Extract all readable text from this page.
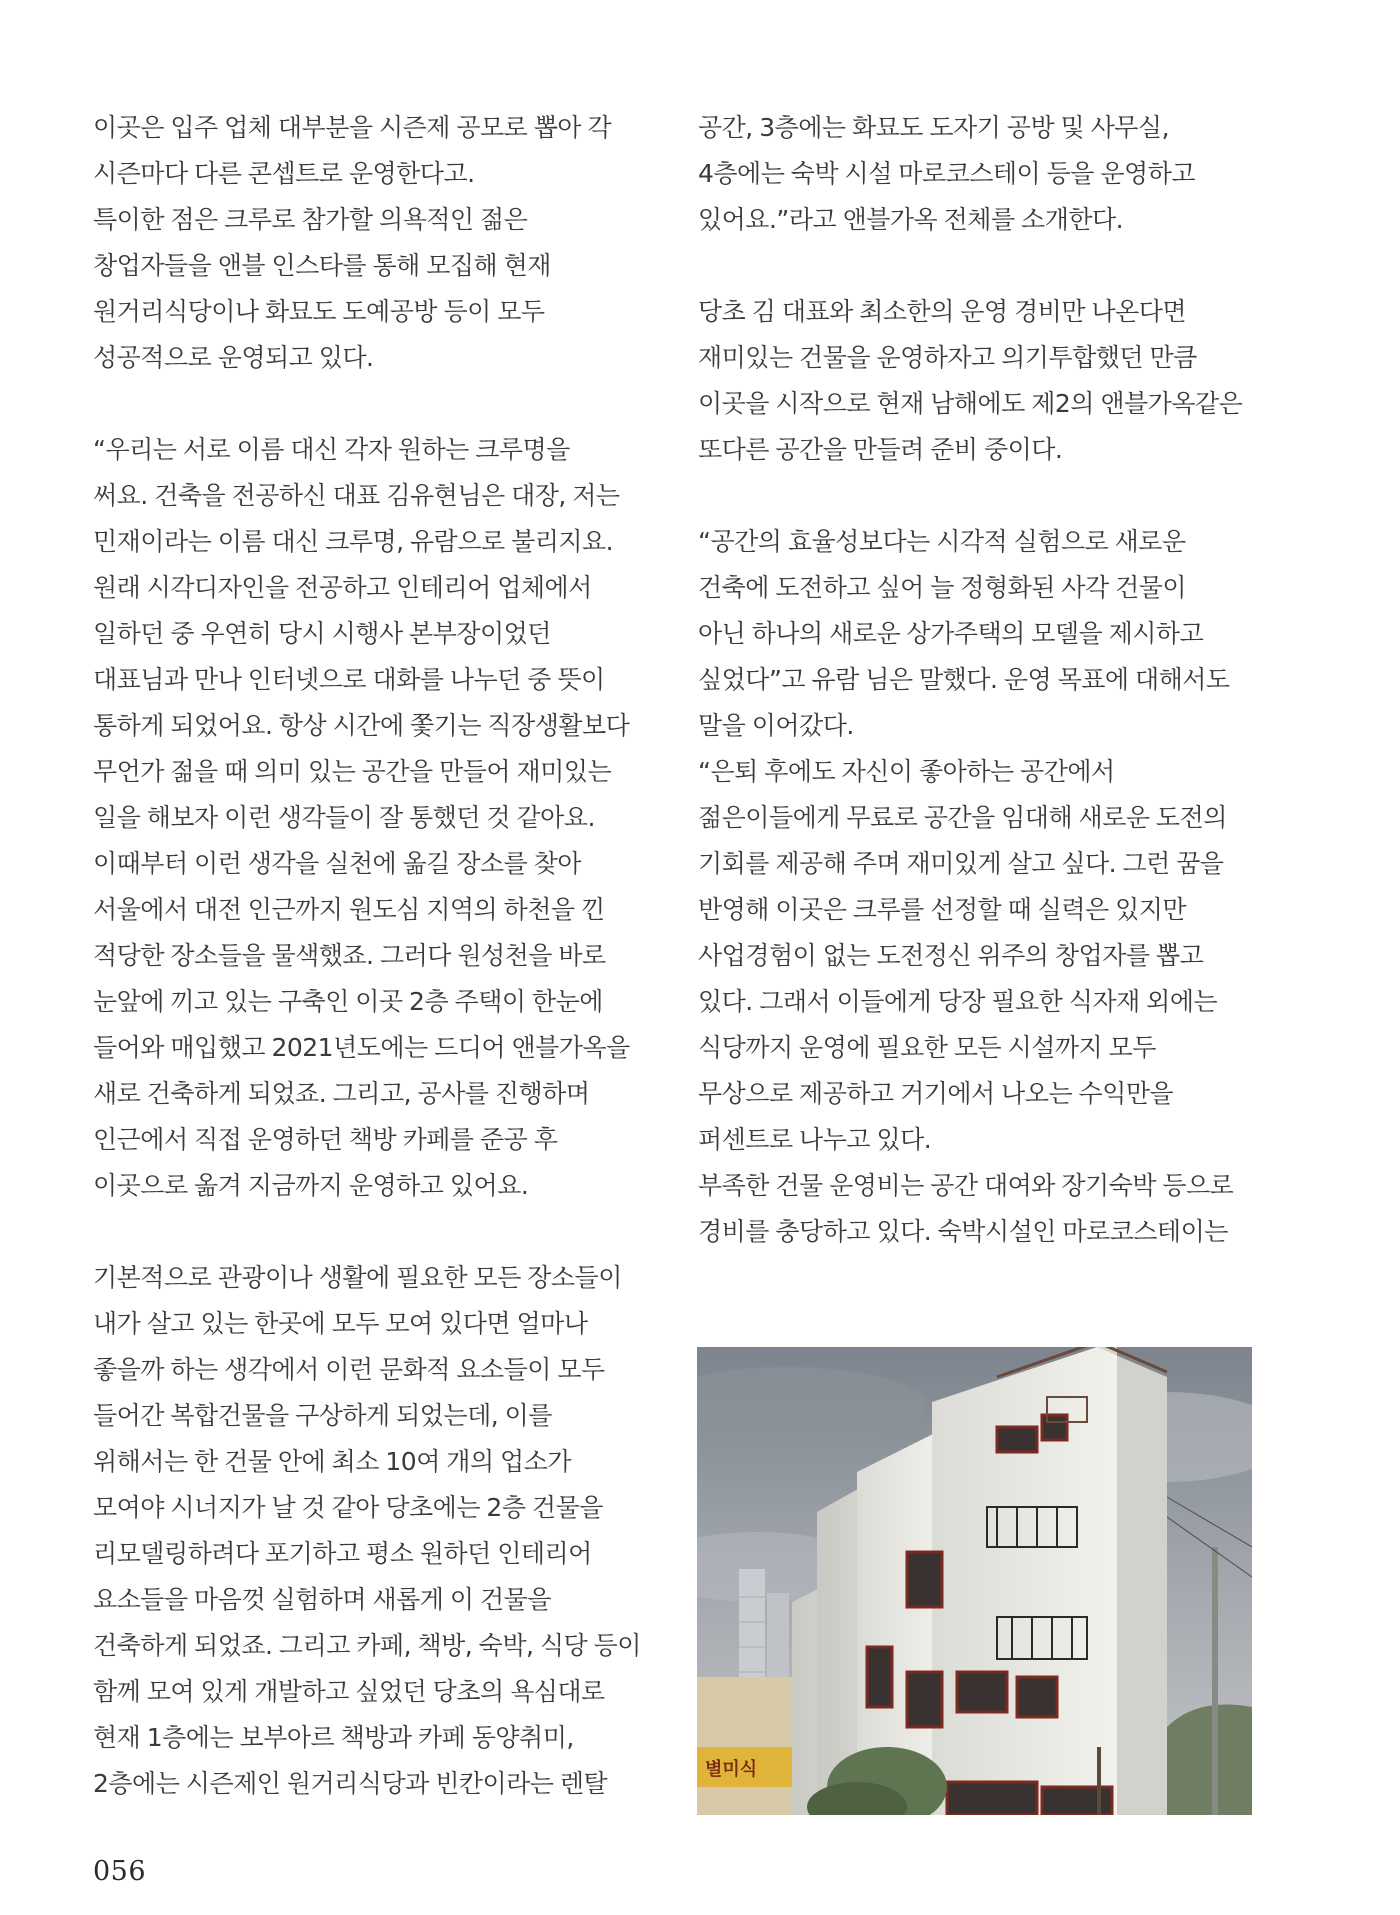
이곳은 입주 업체 대부분을 시즌제 공모로 뽑아 각
시즌마다 다른 콘셉트로 운영한다고.
특이한 점은 크루로 참가할 의욕적인 젊은
창업자들을 앤블 인스타를 통해 모집해 현재
원거리식당이나 화묘도 도예공방 등이 모두
성공적으로 운영되고 있다.
“우리는 서로 이름 대신 각자 원하는 크루명을
써요. 건축을 전공하신 대표 김유현님은 대장, 저는
민재이라는 이름 대신 크루명, 유람으로 불리지요.
원래 시각디자인을 전공하고 인테리어 업체에서
일하던 중 우연히 당시 시행사 본부장이었던
대표님과 만나 인터넷으로 대화를 나누던 중 뜻이
통하게 되었어요. 항상 시간에 쫓기는 직장생활보다
무언가 젊을 때 의미 있는 공간을 만들어 재미있는
일을 해보자 이런 생각들이 잘 통했던 것 같아요.
이때부터 이런 생각을 실천에 옮길 장소를 찾아
서울에서 대전 인근까지 원도심 지역의 하천을 낀
적당한 장소들을 물색했죠. 그러다 원성천을 바로
눈앞에 끼고 있는 구축인 이곳 2층 주택이 한눈에
들어와 매입했고 2021년도에는 드디어 앤블가옥을
새로 건축하게 되었죠. 그리고, 공사를 진행하며
인근에서 직접 운영하던 책방 카페를 준공 후
이곳으로 옮겨 지금까지 운영하고 있어요.
기본적으로 관광이나 생활에 필요한 모든 장소들이
내가 살고 있는 한곳에 모두 모여 있다면 얼마나
좋을까 하는 생각에서 이런 문화적 요소들이 모두
들어간 복합건물을 구상하게 되었는데, 이를
위해서는 한 건물 안에 최소 10여 개의 업소가
모여야 시너지가 날 것 같아 당초에는 2층 건물을
리모델링하려다 포기하고 평소 원하던 인테리어
요소들을 마음껏 실험하며 새롭게 이 건물을
건축하게 되었죠. 그리고 카페, 책방, 숙박, 식당 등이
함께 모여 있게 개발하고 싶었던 당초의 욕심대로
현재 1층에는 보부아르 책방과 카페 동양취미,
2층에는 시즌제인 원거리식당과 빈칸이라는 렌탈
공간, 3층에는 화묘도 도자기 공방 및 사무실,
4층에는 숙박 시설 마로코스테이 등을 운영하고
있어요.”라고 앤블가옥 전체를 소개한다.
당초 김 대표와 최소한의 운영 경비만 나온다면
재미있는 건물을 운영하자고 의기투합했던 만큼
이곳을 시작으로 현재 남해에도 제2의 앤블가옥같은
또다른 공간을 만들려 준비 중이다.
“공간의 효율성보다는 시각적 실험으로 새로운
건축에 도전하고 싶어 늘 정형화된 사각 건물이
아닌 하나의 새로운 상가주택의 모델을 제시하고
싶었다”고 유람 님은 말했다. 운영 목표에 대해서도
말을 이어갔다.
“은퇴 후에도 자신이 좋아하는 공간에서
젊은이들에게 무료로 공간을 임대해 새로운 도전의
기회를 제공해 주며 재미있게 살고 싶다. 그런 꿈을
반영해 이곳은 크루를 선정할 때 실력은 있지만
사업경험이 없는 도전정신 위주의 창업자를 뽑고
있다. 그래서 이들에게 당장 필요한 식자재 외에는
식당까지 운영에 필요한 모든 시설까지 모두
무상으로 제공하고 거기에서 나오는 수익만을
퍼센트로 나누고 있다.
부족한 건물 운영비는 공간 대여와 장기숙박 등으로
경비를 충당하고 있다. 숙박시설인 마로코스테이는
별미식
056
